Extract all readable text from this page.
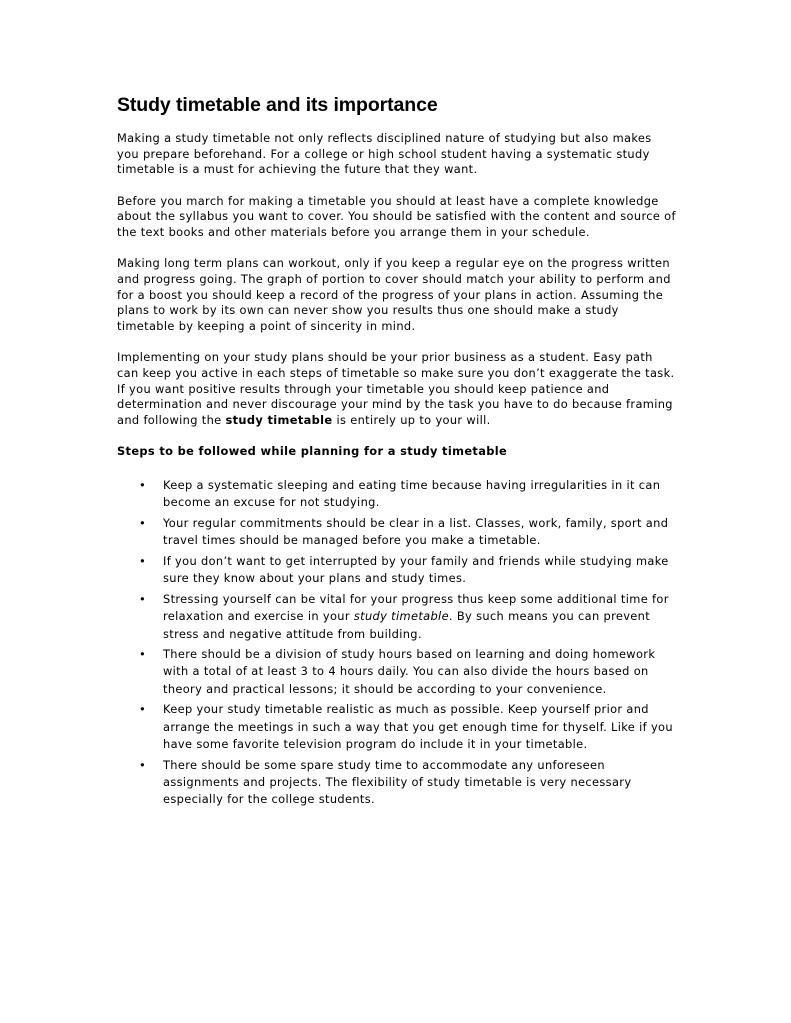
Study timetable and its importance

Making a study timetable not only reflects disciplined nature of studying but also makes you prepare beforehand. For a college or high school student having a systematic study timetable is a must for achieving the future that they want.

Before you march for making a timetable you should at least have a complete knowledge about the syllabus you want to cover. You should be satisfied with the content and source of the text books and other materials before you arrange them in your schedule.

Making long term plans can workout, only if you keep a regular eye on the progress written and progress going. The graph of portion to cover should match your ability to perform and for a boost you should keep a record of the progress of your plans in action. Assuming the plans to work by its own can never show you results thus one should make a study timetable by keeping a point of sincerity in mind.

Implementing on your study plans should be your prior business as a student. Easy path can keep you active in each steps of timetable so make sure you don’t exaggerate the task. If you want positive results through your timetable you should keep patience and determination and never discourage your mind by the task you have to do because framing and following the study timetable is entirely up to your will.

Steps to be followed while planning for a study timetable

• Keep a systematic sleeping and eating time because having irregularities in it can become an excuse for not studying.
• Your regular commitments should be clear in a list. Classes, work, family, sport and travel times should be managed before you make a timetable.
• If you don’t want to get interrupted by your family and friends while studying make sure they know about your plans and study times.
• Stressing yourself can be vital for your progress thus keep some additional time for relaxation and exercise in your study timetable. By such means you can prevent stress and negative attitude from building.
• There should be a division of study hours based on learning and doing homework with a total of at least 3 to 4 hours daily. You can also divide the hours based on theory and practical lessons; it should be according to your convenience.
• Keep your study timetable realistic as much as possible. Keep yourself prior and arrange the meetings in such a way that you get enough time for thyself. Like if you have some favorite television program do include it in your timetable.
• There should be some spare study time to accommodate any unforeseen assignments and projects. The flexibility of study timetable is very necessary especially for the college students.
